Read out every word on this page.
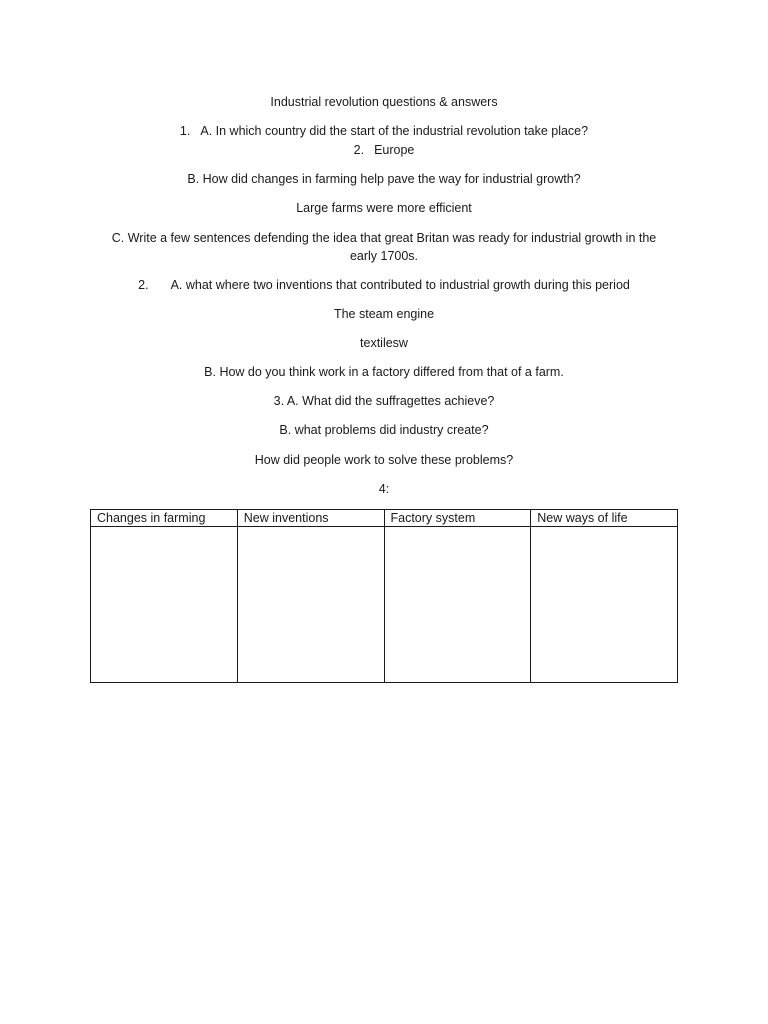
Industrial revolution questions & answers
1. A. In which country did the start of the industrial revolution take place?
2. Europe
B. How did changes in farming help pave the way for industrial growth?
Large farms were more efficient
C. Write a few sentences defending the idea that great Britan was ready for industrial growth in the early 1700s.
2. A. what where two inventions that contributed to industrial growth during this period
The steam engine
textilesw
B. How do you think work in a factory differed from that of a farm.
3. A. What did the suffragettes achieve?
B. what problems did industry create?
How did people work to solve these problems?
4:
Changes in farming	New inventions	Factory system	New ways of life
